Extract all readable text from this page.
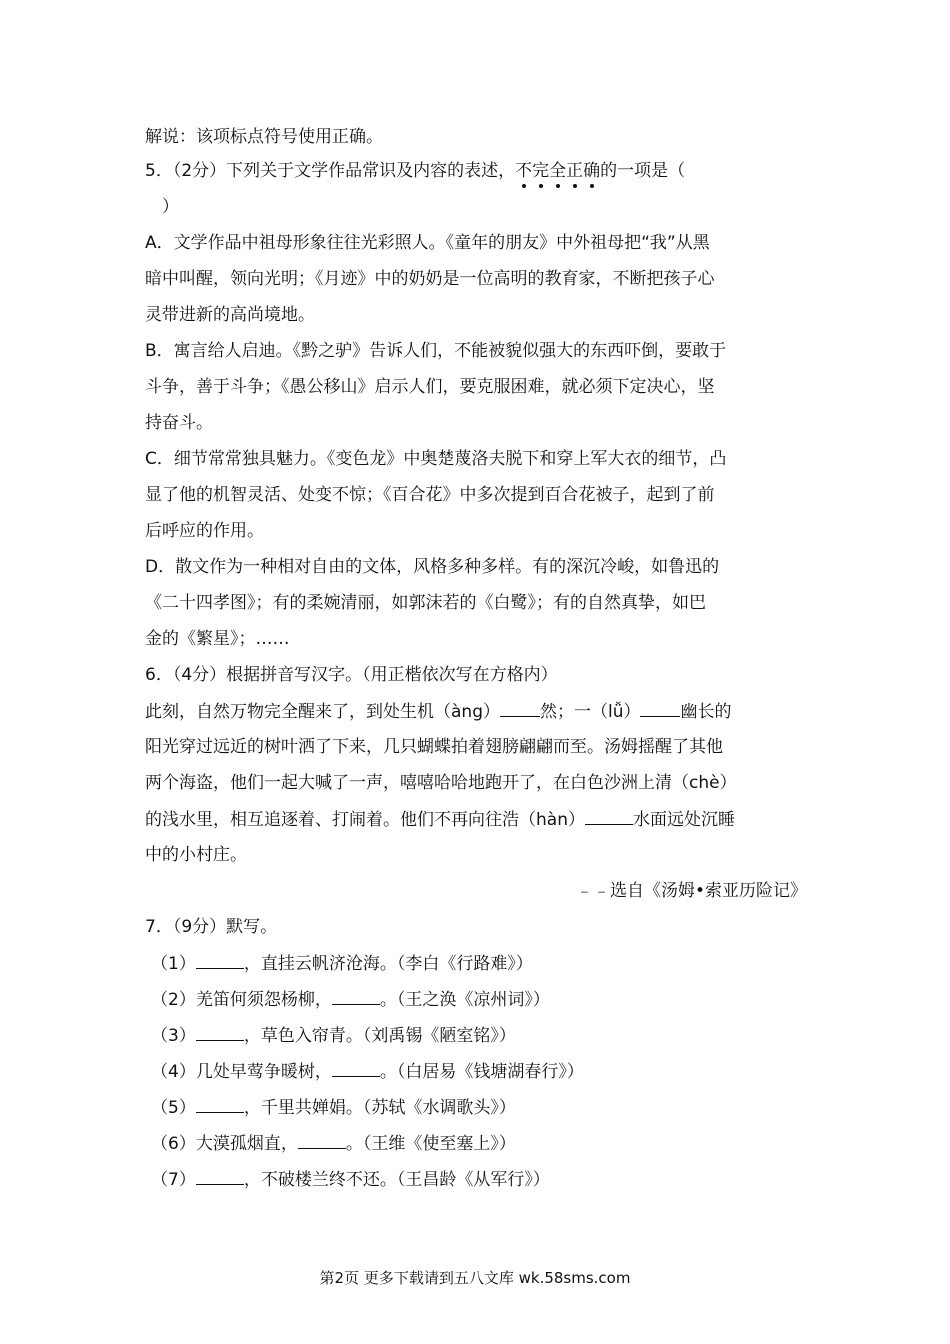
解说：该项标点符号使用正确。
5．（2分）下列关于文学作品常识及内容的表述，不完全正确的一项是（
）
A．文学作品中祖母形象往往光彩照人。《童年的朋友》中外祖母把“我”从黑
暗中叫醒，领向光明；《月迹》中的奶奶是一位高明的教育家，不断把孩子心
灵带进新的高尚境地。
B．寓言给人启迪。《黔之驴》告诉人们，不能被貌似强大的东西吓倒，要敢于
斗争，善于斗争；《愚公移山》启示人们，要克服困难，就必须下定决心，坚
持奋斗。
C．细节常常独具魅力。《变色龙》中奥楚蔑洛夫脱下和穿上军大衣的细节，凸
显了他的机智灵活、处变不惊；《百合花》中多次提到百合花被子，起到了前
后呼应的作用。
D．散文作为一种相对自由的文体，风格多种多样。有的深沉冷峻，如鲁迅的
《二十四孝图》；有的柔婉清丽，如郭沫若的《白鹭》；有的自然真挚，如巴
金的《繁星》；……
6．（4分）根据拼音写汉字。（用正楷依次写在方格内）
此刻，自然万物完全醒来了，到处生机（àng） 然；一（lǚ） 幽长的
阳光穿过远近的树叶洒了下来，几只蝴蝶拍着翅膀翩翩而至。汤姆摇醒了其他
两个海盗，他们一起大喊了一声，嘻嘻哈哈地跑开了，在白色沙洲上清（chè）
的浅水里，相互追逐着、打闹着。他们不再向往浩（hàn）	水面远处沉睡
中的小村庄。
﹣﹣选自《汤姆•索亚历险记》
7．（9分）默写。
（1）	，直挂云帆济沧海。（李白《行路难》）
（2）羌笛何须怨杨柳，	。（王之涣《凉州词》）
（3）	，草色入帘青。（刘禹锡《陋室铭》）
（4）几处早莺争暖树，	。（白居易《钱塘湖春行》）
（5）	，千里共婵娟。（苏轼《水调歌头》）
（6）大漠孤烟直，	。（王维《使至塞上》）
（7）	，不破楼兰终不还。（王昌龄《从军行》）
第2页 更多下载请到五八文库 wk.58sms.com
